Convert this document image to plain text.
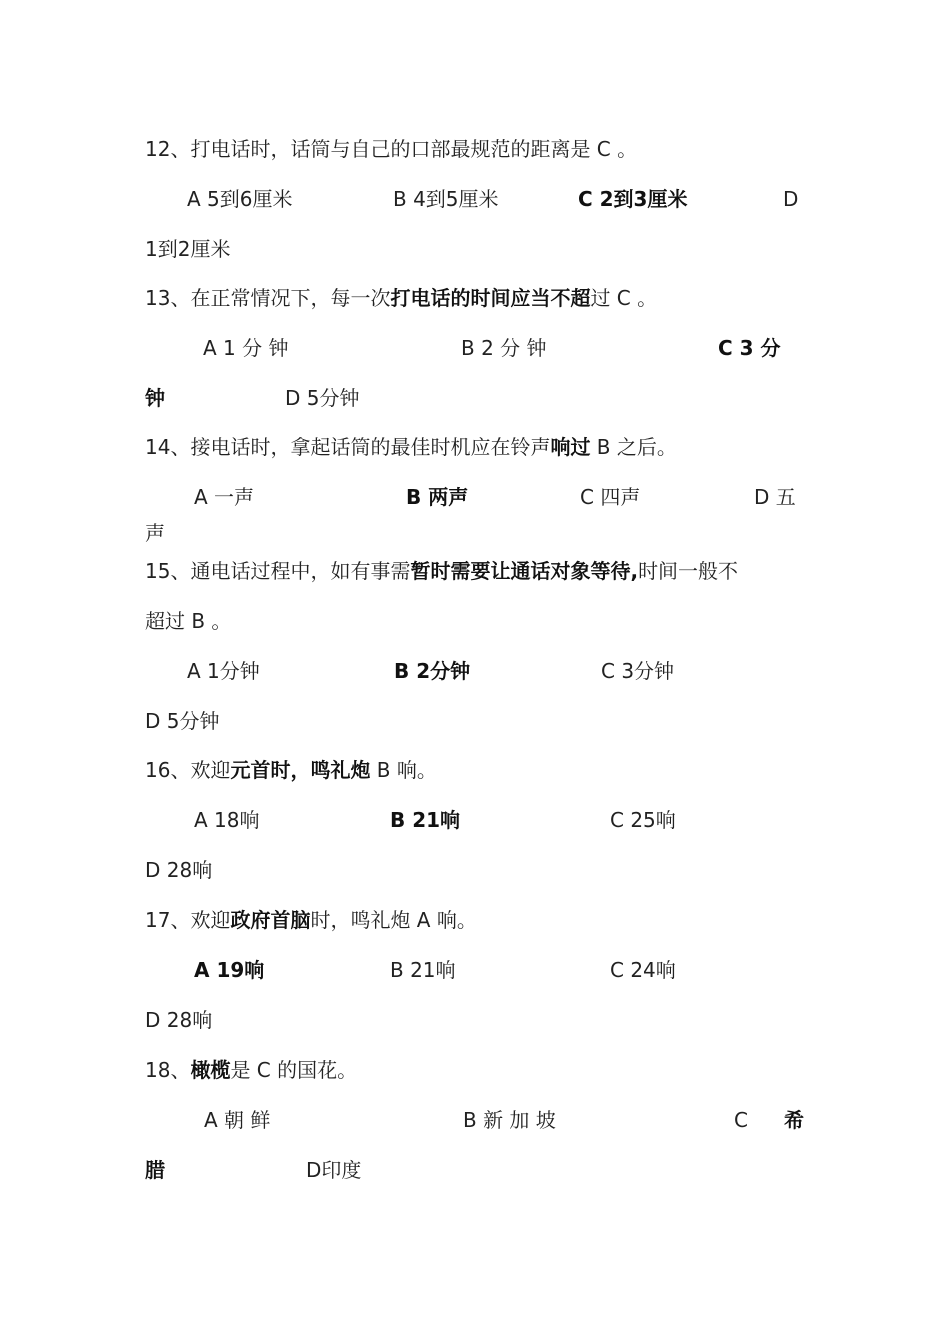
12、打电话时，话筒与自己的口部最规范的距离是 C 。
A 5到6厘米	B 4到5厘米	C 2到3厘米	D
1到2厘米
13、在正常情况下，每一次打电话的时间应当不超过 C 。
A 1 分 钟	B 2 分 钟	C 3 分
钟	D 5分钟
14、接电话时，拿起话筒的最佳时机应在铃声响过 B 之后。
A 一声	B 两声	C 四声	D 五
声
15、通电话过程中，如有事需暂时需要让通话对象等待,时间一般不
超过 B 。
A 1分钟	B 2分钟	C 3分钟
D 5分钟
16、欢迎元首时，鸣礼炮 B 响。
A 18响	B 21响	C 25响
D 28响
17、欢迎政府首脑时，鸣礼炮 A 响。
A 19响	B 21响	C 24响
D 28响
18、橄榄是 C 的国花。
A 朝 鲜	B 新 加 坡	C 希
腊	D印度
